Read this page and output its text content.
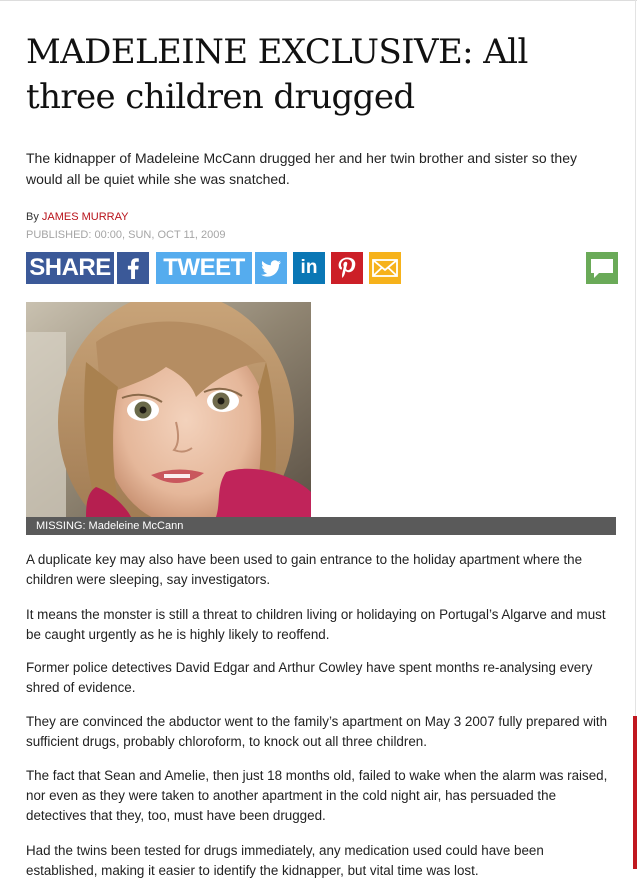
MADELEINE EXCLUSIVE: All three children drugged

The kidnapper of Madeleine McCann drugged her and her twin brother and sister so they would all be quiet while she was snatched.

By JAMES MURRAY
PUBLISHED: 00:00, SUN, OCT 11, 2009
SHARE	TWEET	in
MISSING: Madeleine McCann

A duplicate key may also have been used to gain entrance to the holiday apartment where the children were sleeping, say investigators.

It means the monster is still a threat to children living or holidaying on Portugal’s Algarve and must be caught urgently as he is highly likely to reoffend.

Former police detectives David Edgar and Arthur Cowley have spent months re-analysing every shred of evidence.

They are convinced the abductor went to the family’s apartment on May 3 2007 fully prepared with sufficient drugs, probably chloroform, to knock out all three children.

The fact that Sean and Amelie, then just 18 months old, failed to wake when the alarm was raised, nor even as they were taken to another apartment in the cold night air, has persuaded the detectives that they, too, must have been drugged.

Had the twins been tested for drugs immediately, any medication used could have been established, making it easier to identify the kidnapper, but vital time was lost.
